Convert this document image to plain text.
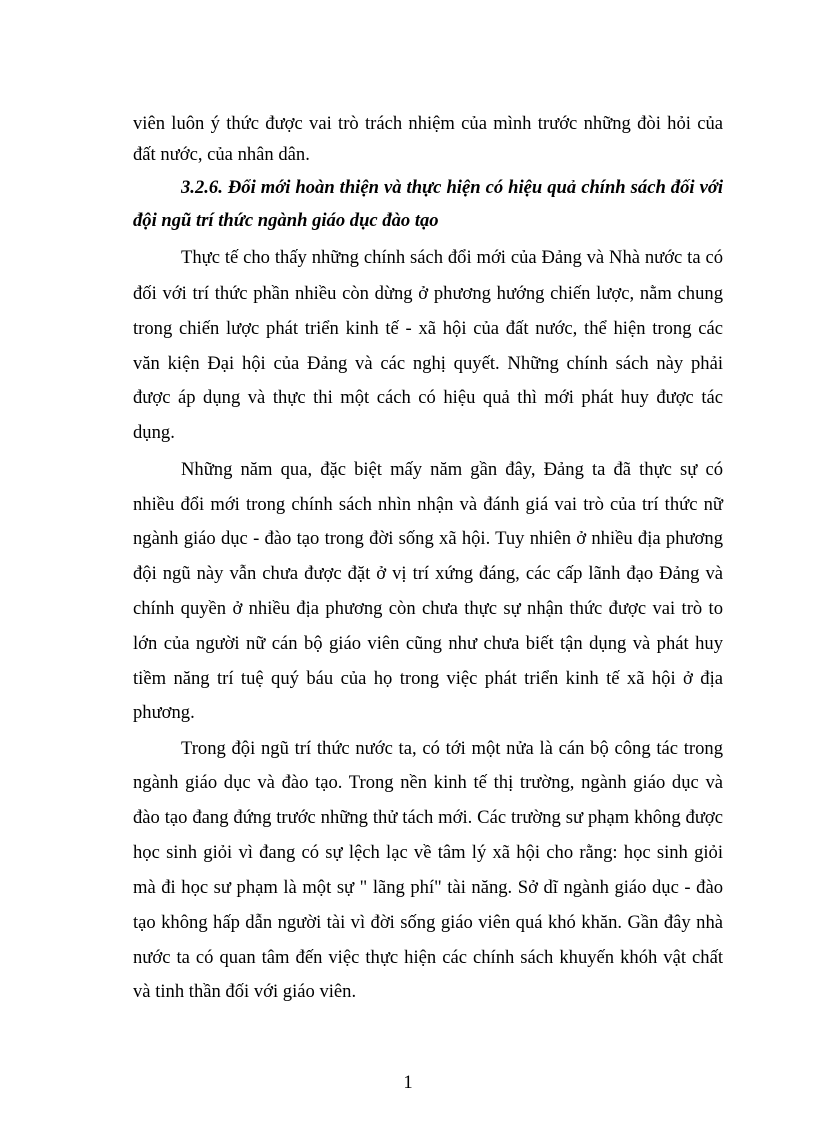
viên luôn ý thức được vai trò trách nhiệm của mình trước những đòi hỏi của
đất nước, của nhân dân.
3.2.6. Đổi mới hoàn thiện và thực hiện có hiệu quả chính sách đối với
đội ngũ trí thức ngành giáo dục đào tạo
Thực tế cho thấy những chính sách đổi mới của Đảng và Nhà nước ta có
đối với trí thức phần nhiều còn dừng ở phương hướng chiến lược, nằm chung
trong chiến lược phát triển kinh tế - xã hội của đất nước, thể hiện trong các
văn kiện Đại hội của Đảng và các nghị quyết. Những chính sách này phải
được áp dụng và thực thi một cách có hiệu quả thì mới phát huy được tác
dụng.
Những năm qua, đặc biệt mấy năm gần đây, Đảng ta đã thực sự có
nhiều đổi mới trong chính sách nhìn nhận và đánh giá vai trò của trí thức nữ
ngành giáo dục - đào tạo trong đời sống xã hội. Tuy nhiên ở nhiều địa phương
đội ngũ này vẫn chưa được đặt ở vị trí xứng đáng, các cấp lãnh đạo Đảng và
chính quyền ở nhiều địa phương còn chưa thực sự nhận thức được vai trò to
lớn của người nữ cán bộ giáo viên cũng như chưa biết tận dụng và phát huy
tiềm năng trí tuệ quý báu của họ trong việc phát triển kinh tế xã hội ở địa
phương.
Trong đội ngũ trí thức nước ta, có tới một nửa là cán bộ công tác trong
ngành giáo dục và đào tạo. Trong nền kinh tế thị trường, ngành giáo dục và
đào tạo đang đứng trước những thử tách mới. Các trường sư phạm không được
học sinh giỏi vì đang có sự lệch lạc về tâm lý xã hội cho rằng: học sinh giỏi
mà đi học sư phạm là một sự " lãng phí" tài năng. Sở dĩ ngành giáo dục - đào
tạo không hấp dẫn người tài vì đời sống giáo viên quá khó khăn. Gần đây nhà
nước ta có quan tâm đến việc thực hiện các chính sách khuyến khóh vật chất
và tinh thần đối với giáo viên.
1
